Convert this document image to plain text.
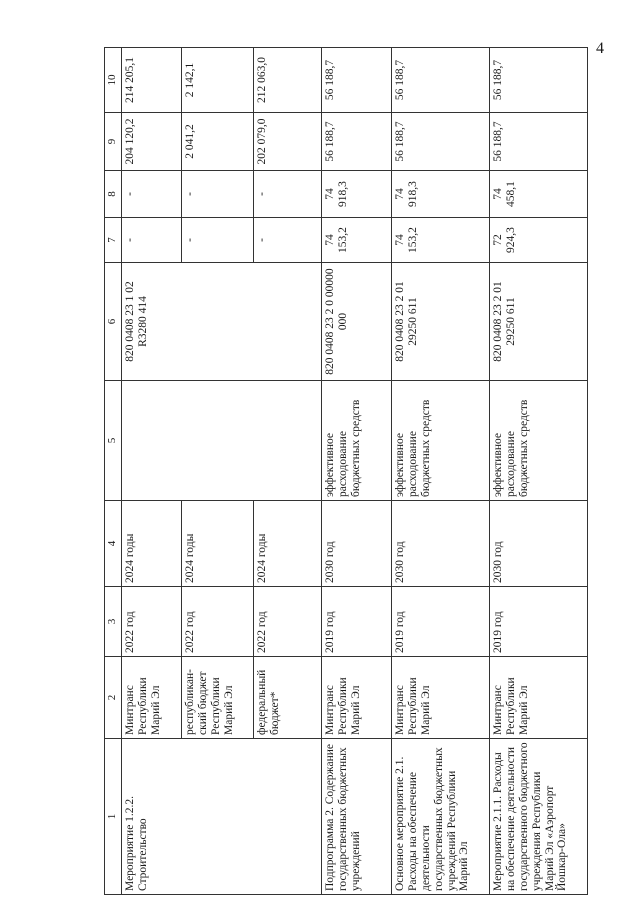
4
1	2	3	4	5	6	7	8	9	10
Мероприятие 1.2.2. Строительство	Минтранс Республики Марий Эл	2022 год	2024 годы		820 0408 23 1 02 R3280 414	-	-	204 120,2	214 205,1
	республикан-ский бюджет Республики Марий Эл	2022 год	2024 годы			-	-	2 041,2	2 142,1
	федеральный бюджет*	2022 год	2024 годы			-	-	202 079,0	212 063,0
Подпрограмма 2. Содержание государственных бюджетных учреждений	Минтранс Республики Марий Эл	2019 год	2030 год	эффективное расходование бюджетных средств	820 0408 23 2 0 00000 000	74 153,2	74 918,3	56 188,7	56 188,7
Основное мероприятие 2.1. Расходы на обеспечение деятельности государственных бюджетных учреждений Республики Марий Эл	Минтранс Республики Марий Эл	2019 год	2030 год	эффективное расходование бюджетных средств	820 0408 23 2 01 29250 611	74 153,2	74 918,3	56 188,7	56 188,7
Мероприятие 2.1.1. Расходы на обеспечение деятельности государственного бюджетного учреждения Республики Марий Эл «Аэропорт Йошкар-Ола»	Минтранс Республики Марий Эл	2019 год	2030 год	эффективное расходование бюджетных средств	820 0408 23 2 01 29250 611	72 924,3	74 458,1	56 188,7	56 188,7
